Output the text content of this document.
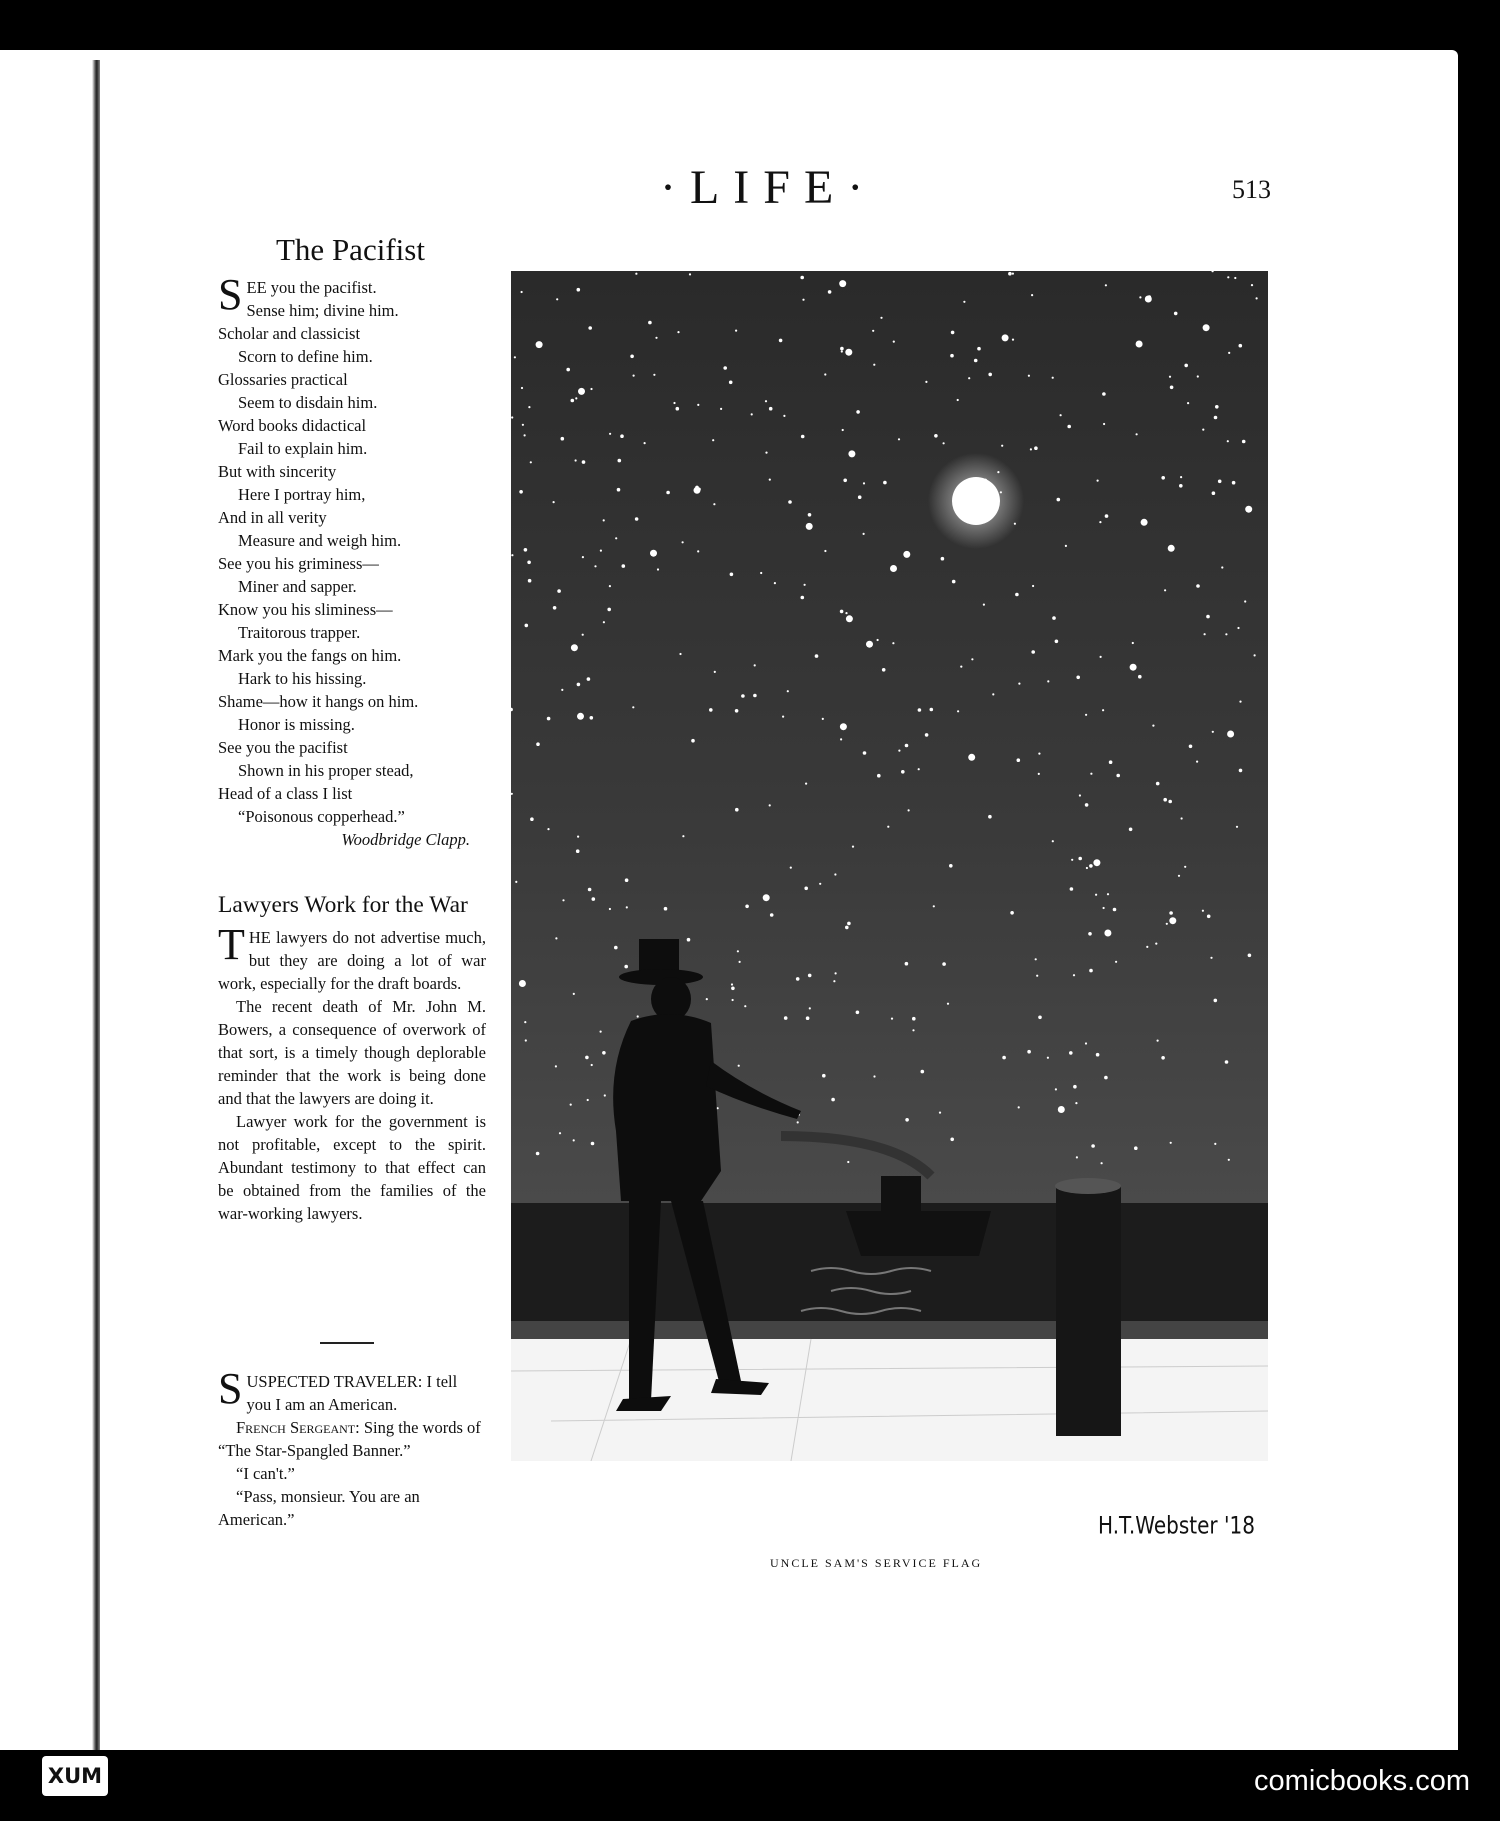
·LIFE·	513
The Pacifist
SEE you the pacifist.
Sense him; divine him.
Scholar and classicist
Scorn to define him.
Glossaries practical
Seem to disdain him.
Word books didactical
Fail to explain him.
But with sincerity
Here I portray him,
And in all verity
Measure and weigh him.
See you his griminess—
Miner and sapper.
Know you his sliminess—
Traitorous trapper.
Mark you the fangs on him.
Hark to his hissing.
Shame—how it hangs on him.
Honor is missing.
See you the pacifist
Shown in his proper stead,
Head of a class I list
“Poisonous copperhead.”
Woodbridge Clapp.
Lawyers Work for the War

THE lawyers do not advertise much, but they are doing a lot of war work, especially for the draft boards.

The recent death of Mr. John M. Bowers, a consequence of overwork of that sort, is a timely though deplorable reminder that the work is being done and that the lawyers are doing it.

Lawyer work for the government is not profitable, except to the spirit. Abundant testimony to that effect can be obtained from the families of the war-working lawyers.

SUSPECTED TRAVELER: I tell you I am an American.

French Sergeant: Sing the words of “The Star-Spangled Banner.”

“I can't.”

“Pass, monsieur. You are an American.”	H.T.Webster '18
UNCLE SAM'S SERVICE FLAG
XUM	comicbooks.com
